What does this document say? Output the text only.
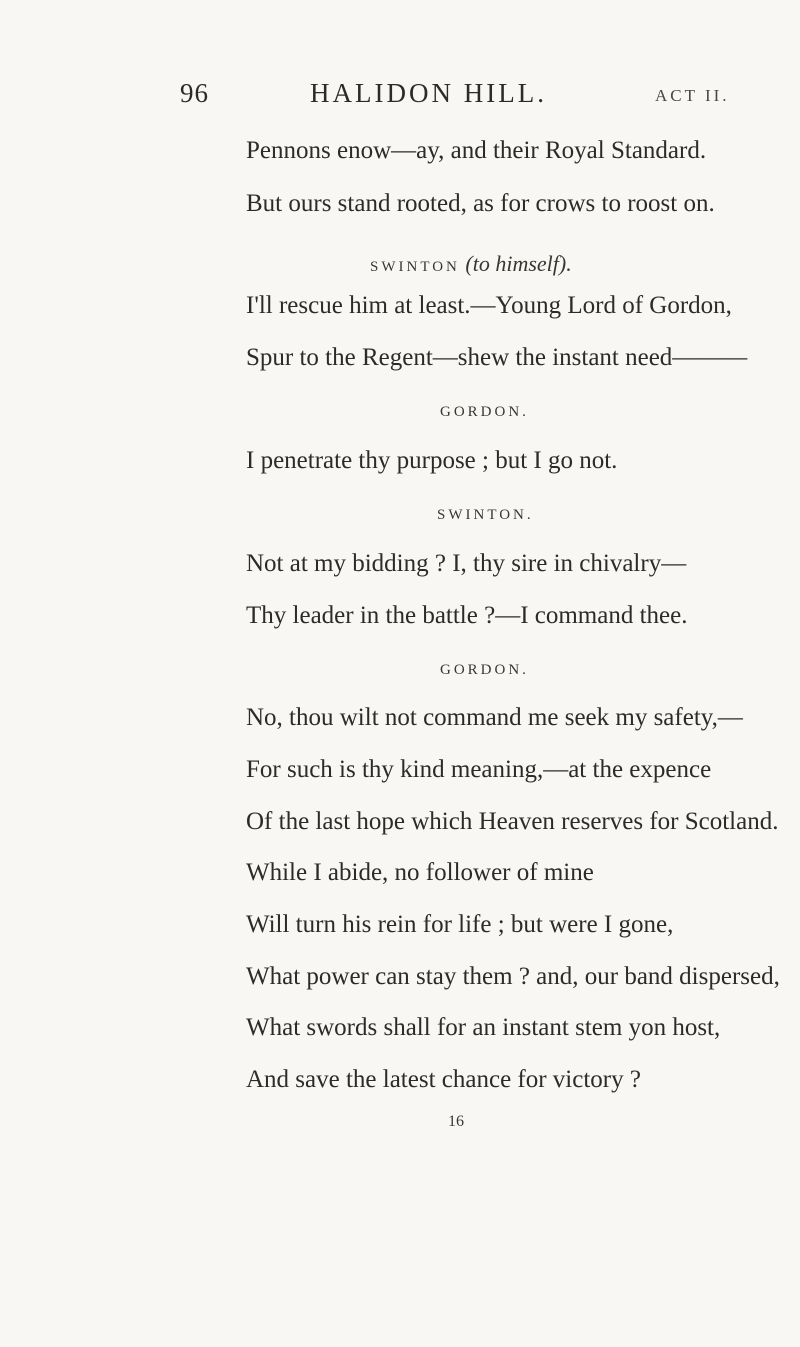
96	HALIDON HILL.	ACT II.
Pennons enow—ay, and their Royal Standard.
But ours stand rooted, as for crows to roost on.
SWINTON (to himself).
I'll rescue him at least.—Young Lord of Gordon,
Spur to the Regent—shew the instant need———
GORDON.
I penetrate thy purpose ; but I go not.
SWINTON.
Not at my bidding ? I, thy sire in chivalry—
Thy leader in the battle ?—I command thee.
GORDON.
No, thou wilt not command me seek my safety,—
For such is thy kind meaning,—at the expence
Of the last hope which Heaven reserves for Scotland.
While I abide, no follower of mine
Will turn his rein for life ; but were I gone,
What power can stay them ? and, our band dispersed,
What swords shall for an instant stem yon host,
And save the latest chance for victory ?
16
